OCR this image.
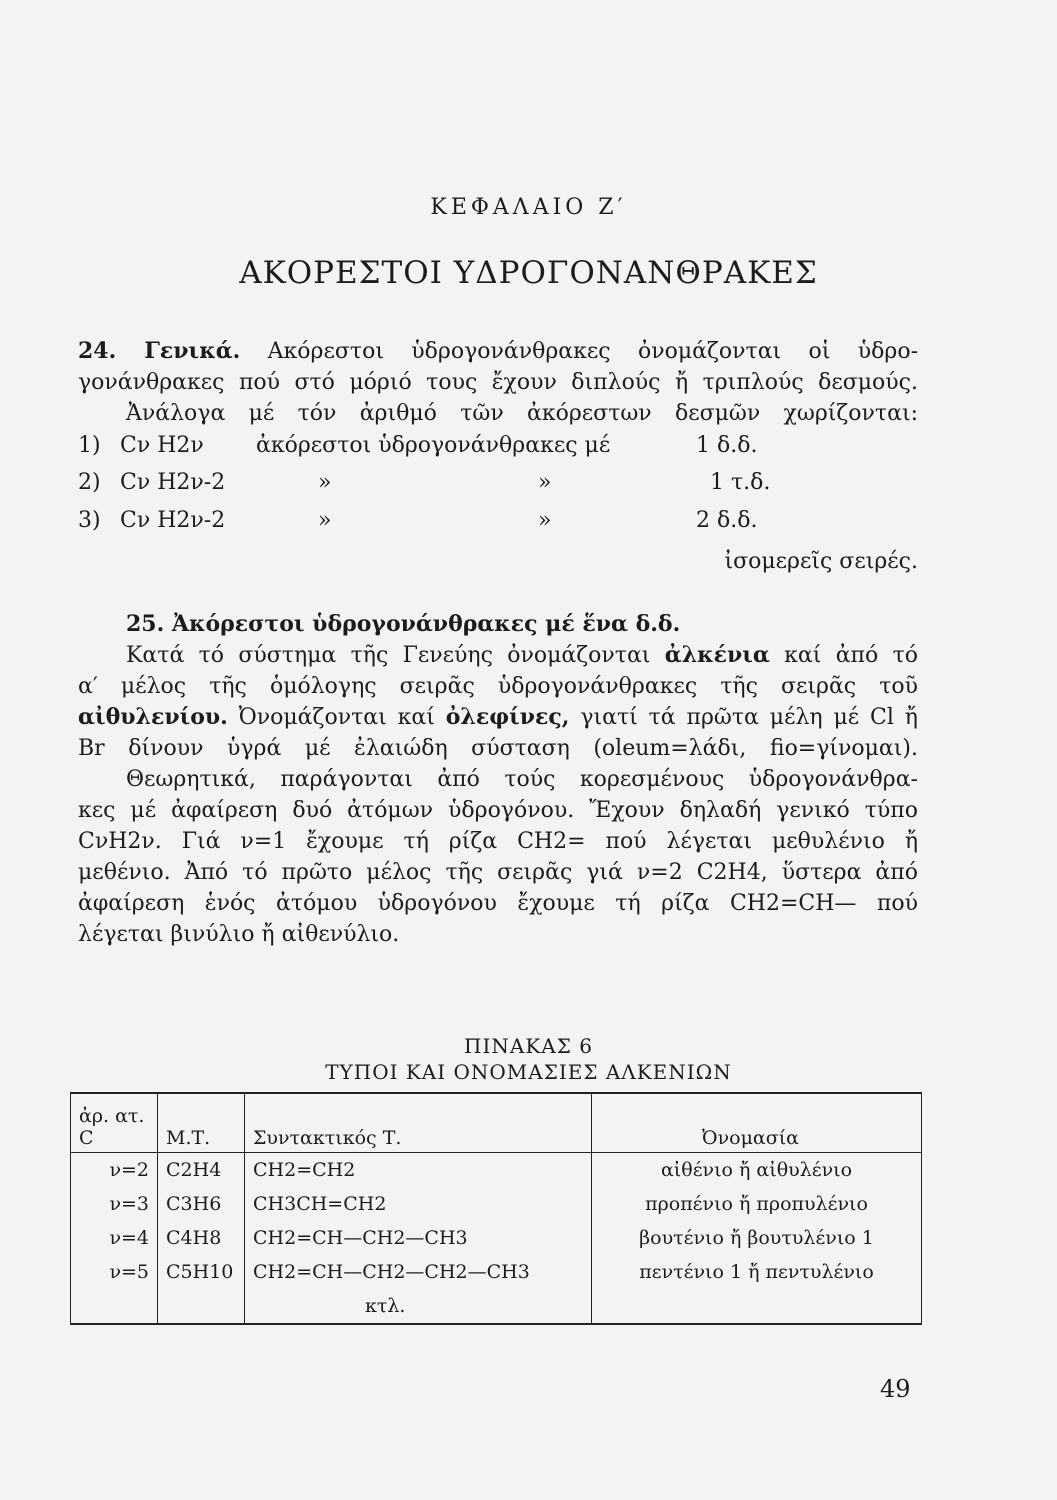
ΚΕΦΑΛΑΙΟ Ζ′
ΑΚΟΡΕΣΤΟΙ ΥΔΡΟΓΟΝΑΝΘΡΑΚΕΣ
24. Γενικά. Ακόρεστοι ὑδρογονάνθρακες ὀνομάζονται οἱ ὑδρο-
γονάνθρακες πού στό μόριό τους ἔχουν διπλούς ἤ τριπλούς δεσμούς.
Ἀνάλογα μέ τόν ἀριθμό τῶν ἀκόρεστων δεσμῶν χωρίζονται:
1) Cν H2ν ἀκόρεστοι ὑδρογονάνθρακες μέ	1 δ.δ.
2) Cν H2ν-2	»	»	1 τ.δ.
3) Cν H2ν-2	»	»	2 δ.δ.
ἰσομερεῖς σειρές.
25. Ἀκόρεστοι ὑδρογονάνθρακες μέ ἕνα δ.δ.
Κατά τό σύστημα τῆς Γενεύης ὀνομάζονται ἀλκένια καί ἀπό τό
α′ μέλος τῆς ὁμόλογης σειρᾶς ὑδρογονάνθρακες τῆς σειρᾶς τοῦ
αἰθυλενίου. Ὀνομάζονται καί ὀλεφίνες, γιατί τά πρῶτα μέλη μέ Cl ἤ
Br δίνουν ὑγρά μέ ἐλαιώδη σύσταση (oleum=λάδι, fio=γίνομαι).
Θεωρητικά, παράγονται ἀπό τούς κορεσμένους ὑδρογονάνθρα-
κες μέ ἀφαίρεση δυό ἀτόμων ὑδρογόνου. Ἔχουν δηλαδή γενικό τύπο
CνH2ν. Γιά ν=1 ἔχουμε τή ρίζα CH2= πού λέγεται μεθυλένιο ἤ
μεθένιο. Ἀπό τό πρῶτο μέλος τῆς σειρᾶς γιά ν=2 C2H4, ὕστερα ἀπό
ἀφαίρεση ἑνός ἀτόμου ὑδρογόνου ἔχουμε τή ρίζα CH2=CH— πού
λέγεται βινύλιο ἤ αἰθενύλιο.
ΠΙΝΑΚΑΣ 6
ΤΥΠΟΙ ΚΑΙ ΟΝΟΜΑΣΙΕΣ ΑΛΚΕΝΙΩΝ
ἀρ. ατ. C	Μ.Τ.	Συντακτικός Τ.	Ὀνομασία
ν=2	C2H4	CH2=CH2	αἰθένιο ἤ αἰθυλένιο
ν=3	C3H6	CH3CH=CH2	προπένιο ἤ προπυλένιο
ν=4	C4H8	CH2=CH—CH2—CH3	βουτένιο ἤ βουτυλένιο 1
ν=5	C5H10	CH2=CH—CH2—CH2—CH3	πεντένιο 1 ἤ πεντυλένιο
		κτλ.	
49
